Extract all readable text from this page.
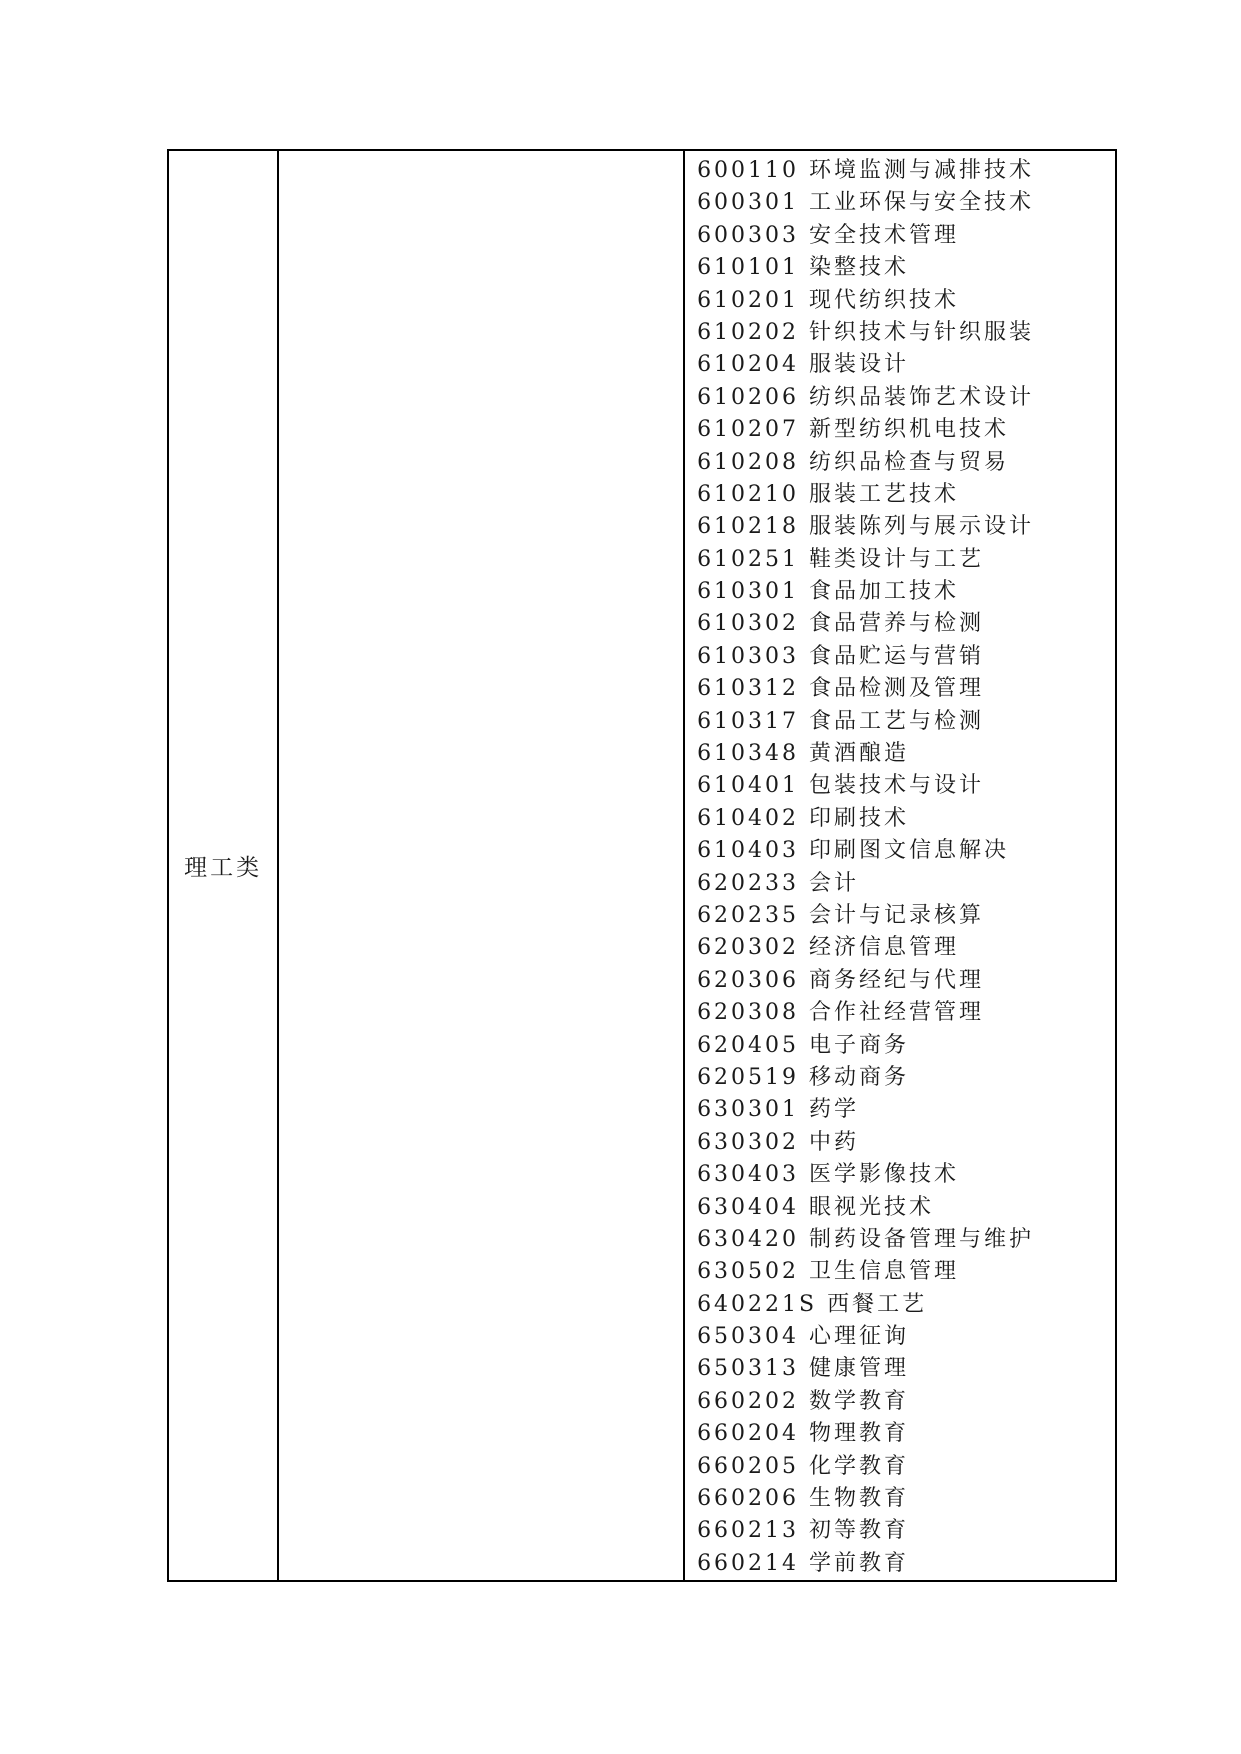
理工类		
600110 环境监测与减排技术
600301 工业环保与安全技术
600303 安全技术管理
610101 染整技术
610201 现代纺织技术
610202 针织技术与针织服装
610204 服装设计
610206 纺织品装饰艺术设计
610207 新型纺织机电技术
610208 纺织品检查与贸易
610210 服装工艺技术
610218 服装陈列与展示设计
610251 鞋类设计与工艺
610301 食品加工技术
610302 食品营养与检测
610303 食品贮运与营销
610312 食品检测及管理
610317 食品工艺与检测
610348 黄酒酿造
610401 包装技术与设计
610402 印刷技术
610403 印刷图文信息解决
620233 会计
620235 会计与记录核算
620302 经济信息管理
620306 商务经纪与代理
620308 合作社经营管理
620405 电子商务
620519 移动商务
630301 药学
630302 中药
630403 医学影像技术
630404 眼视光技术
630420 制药设备管理与维护
630502 卫生信息管理
640221S 西餐工艺
650304 心理征询
650313 健康管理
660202 数学教育
660204 物理教育
660205 化学教育
660206 生物教育
660213 初等教育
660214 学前教育
